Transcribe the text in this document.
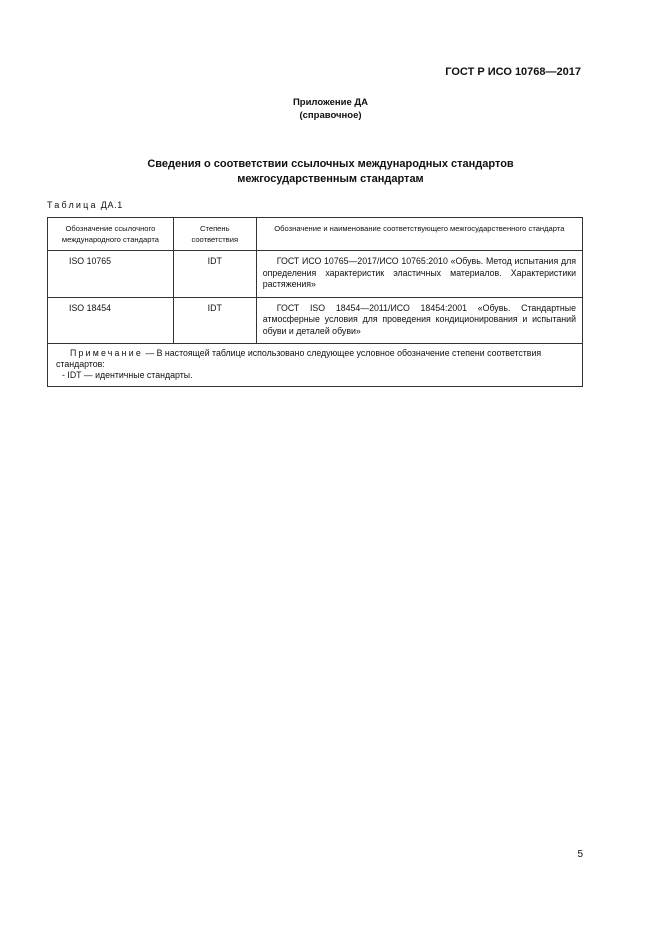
ГОСТ Р ИСО 10768—2017
Приложение ДА
(справочное)
Сведения о соответствии ссылочных международных стандартов
межгосударственным стандартам
Таблица ДА.1
Обозначение ссылочного международного стандарта	Степень соответствия	Обозначение и наименование соответствующего межгосударственного стандарта
ISO 10765	IDT	ГОСТ ИСО 10765—2017/ИСО 10765:2010 «Обувь. Метод испытания для определения характеристик эластичных материалов. Характеристики растяжения»
ISO 18454	IDT	ГОСТ ISO 18454—2011/ИСО 18454:2001 «Обувь. Стандартные атмосферные условия для проведения кондиционирования и испытаний обуви и деталей обуви»

Примечание — В настоящей таблице использовано следующее условное обозначение степени соответствия стандартов:
- IDT — идентичные стандарты.		
5
